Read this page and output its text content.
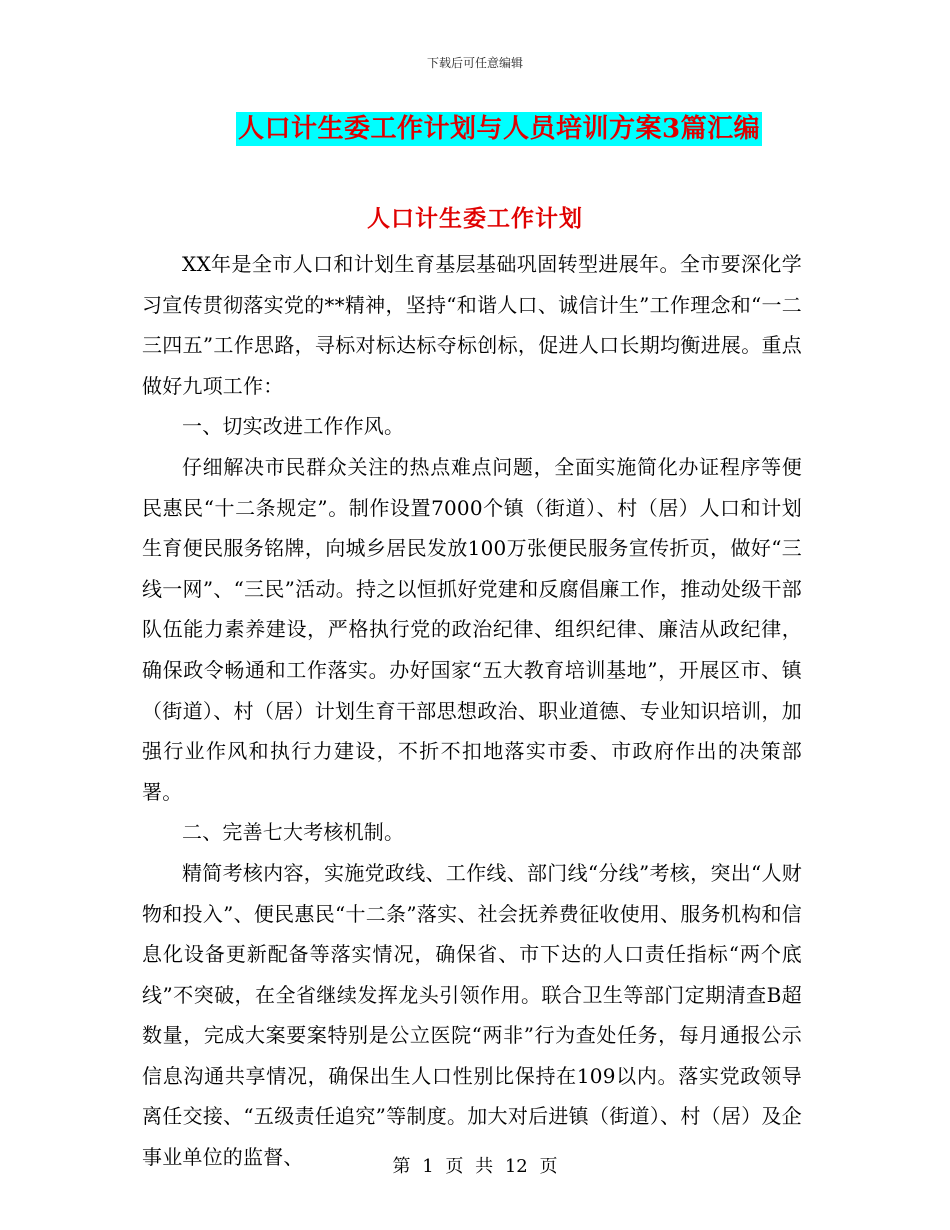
下载后可任意编辑
人口计生委工作计划与人员培训方案3篇汇编
人口计生委工作计划

XX年是全市人口和计划生育基层基础巩固转型进展年。全市要深化学习宣传贯彻落实党的**精神，坚持“和谐人口、诚信计生”工作理念和“一二三四五”工作思路，寻标对标达标夺标创标，促进人口长期均衡进展。重点做好九项工作：

一、切实改进工作作风。

仔细解决市民群众关注的热点难点问题，全面实施简化办证程序等便民惠民“十二条规定”。制作设置7000个镇（街道）、村（居）人口和计划生育便民服务铭牌，向城乡居民发放100万张便民服务宣传折页，做好“三线一网”、“三民”活动。持之以恒抓好党建和反腐倡廉工作，推动处级干部队伍能力素养建设，严格执行党的政治纪律、组织纪律、廉洁从政纪律，确保政令畅通和工作落实。办好国家“五大教育培训基地”，开展区市、镇（街道）、村（居）计划生育干部思想政治、职业道德、专业知识培训，加强行业作风和执行力建设，不折不扣地落实市委、市政府作出的决策部署。

二、完善七大考核机制。

精简考核内容，实施党政线、工作线、部门线“分线”考核，突出“人财物和投入”、便民惠民“十二条”落实、社会抚养费征收使用、服务机构和信息化设备更新配备等落实情况，确保省、市下达的人口责任指标“两个底线”不突破，在全省继续发挥龙头引领作用。联合卫生等部门定期清查B超数量，完成大案要案特别是公立医院“两非”行为查处任务，每月通报公示信息沟通共享情况，确保出生人口性别比保持在109以内。落实党政领导离任交接、“五级责任追究”等制度。加大对后进镇（街道）、村（居）及企事业单位的监督、	第 1 页 共 12 页
